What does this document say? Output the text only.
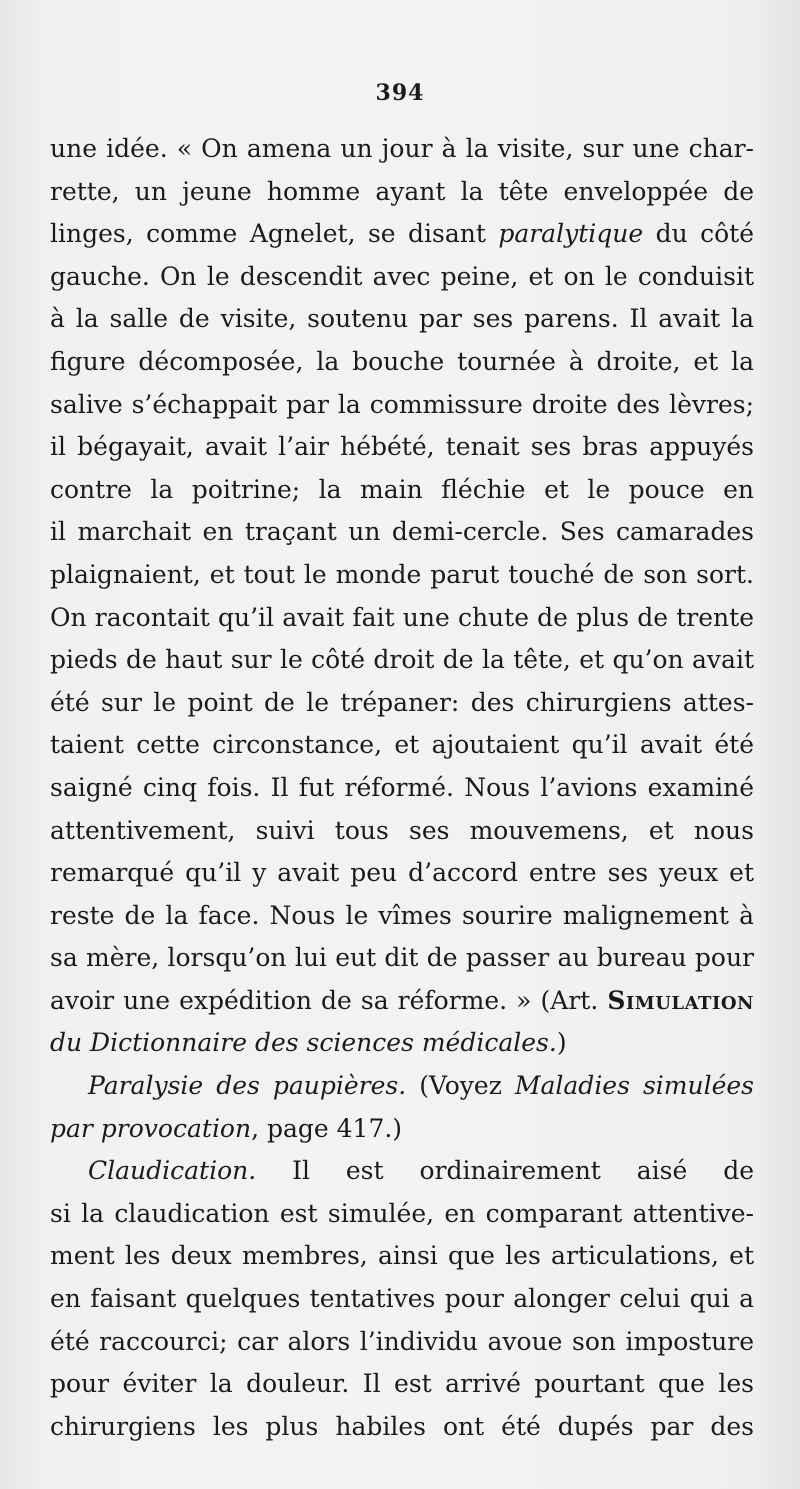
394
une idée. « On amena un jour à la visite, sur une char-
rette, un jeune homme ayant la tête enveloppée de
linges, comme Agnelet, se disant paralytique du côté
gauche. On le descendit avec peine, et on le conduisit
à la salle de visite, soutenu par ses parens. Il avait la
figure décomposée, la bouche tournée à droite, et la
salive s’échappait par la commissure droite des lèvres;
il bégayait, avait l’air hébété, tenait ses bras appuyés
contre la poitrine; la main fléchie et le pouce en
il marchait en traçant un demi-cercle. Ses camarades
plaignaient, et tout le monde parut touché de son sort.
On racontait qu’il avait fait une chute de plus de trente
pieds de haut sur le côté droit de la tête, et qu’on avait
été sur le point de le trépaner: des chirurgiens attes-
taient cette circonstance, et ajoutaient qu’il avait été
saigné cinq fois. Il fut réformé. Nous l’avions examiné
attentivement, suivi tous ses mouvemens, et nous
remarqué qu’il y avait peu d’accord entre ses yeux et
reste de la face. Nous le vîmes sourire malignement à
sa mère, lorsqu’on lui eut dit de passer au bureau pour
avoir une expédition de sa réforme. » (Art. Simulation
du Dictionnaire des sciences médicales.)
Paralysie des paupières. (Voyez Maladies simulées
par provocation, page 417.)
Claudication. Il est ordinairement aisé de
si la claudication est simulée, en comparant attentive-
ment les deux membres, ainsi que les articulations, et
en faisant quelques tentatives pour alonger celui qui a
été raccourci; car alors l’individu avoue son imposture
pour éviter la douleur. Il est arrivé pourtant que les
chirurgiens les plus habiles ont été dupés par des
